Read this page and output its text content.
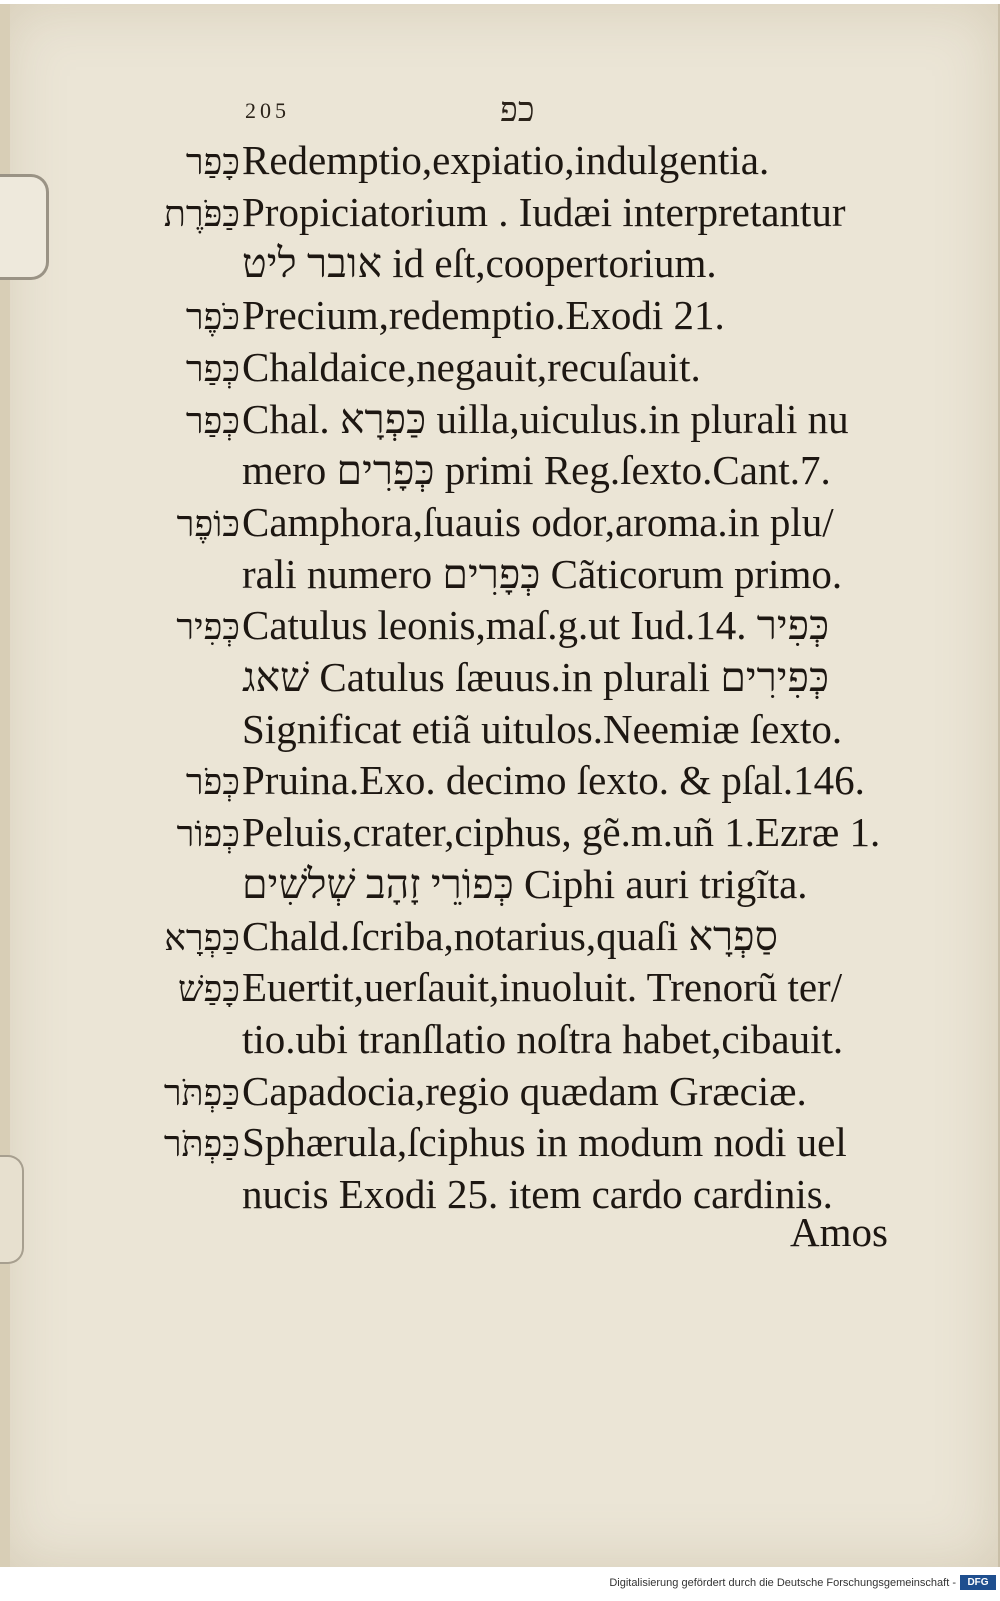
205	כפ
כָּפַר Redemptio,expiatio,indulgentia.
כַּפֹּרֶת Propiciatorium . Iudæi interpretantur
אובר ליט id eſt,coopertorium.
כֹּפֶר Precium,redemptio.Exodi 21.
כְּפַר Chaldaice,negauit,recuſauit.
כְּפַר Chal. כַּפְרָא uilla,uiculus.in plurali nu
mero כְּפָרִים primi Reg.ſexto.Cant.7.
כּוֹפֶר Camphora,ſuauis odor,aroma.in plu/
rali numero כְּפָרִים Cãticorum primo.
כְּפִיר Catulus leonis,maſ.g.ut Iud.14. כְּפִיר
שׁאג Catulus ſæuus.in plurali כְּפִירִים
Significat etiã uitulos.Neemiæ ſexto.
כְּפֹר Pruina.Exo. decimo ſexto. & pſal.146.
כְּפוֹר Peluis,crater,ciphus, gẽ.m.uñ 1.Ezræ 1.
כְּפוֹרֵי זָהָב שְׁלשִׁים Ciphi auri trigĩta.
כַּפְרָא Chald.ſcriba,notarius,quaſi סַפְרָא
כָּפַשׁ Euertit,uerſauit,inuoluit. Trenorũ ter/
tio.ubi tranſlatio noſtra habet,cibauit.
כַּפְתֹּר Capadocia,regio quædam Græciæ.
כַּפְתֹּר Sphærula,ſciphus in modum nodi uel
nucis Exodi 25. item cardo cardinis.
Amos
Digitalisierung gefördert durch die Deutsche Forschungsgemeinschaft -	DFG
